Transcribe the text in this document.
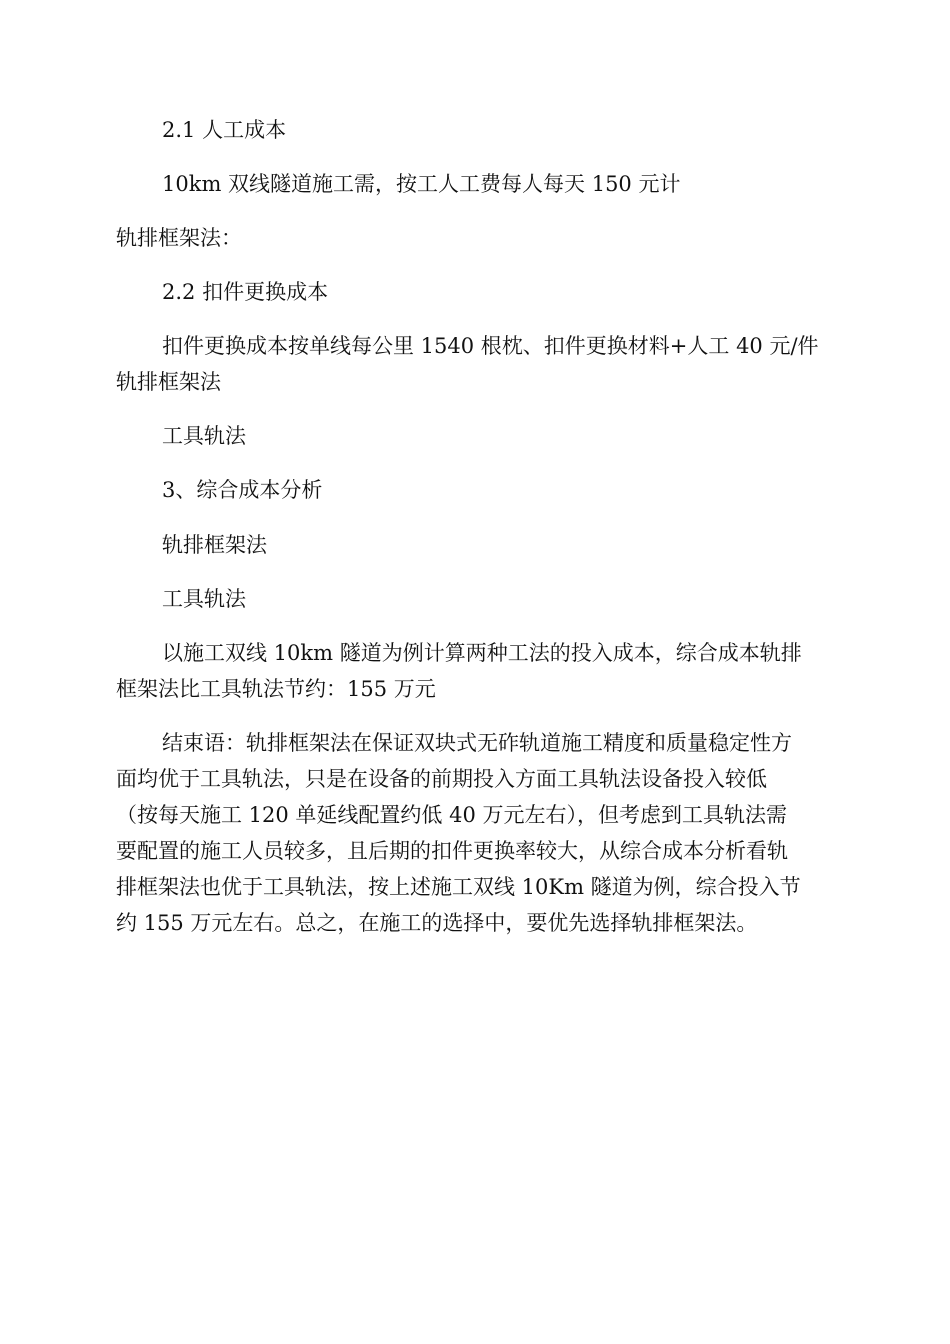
2.1 人工成本

10km 双线隧道施工需，按工人工费每人每天 150 元计

轨排框架法：

2.2 扣件更换成本

扣件更换成本按单线每公里 1540 根枕、扣件更换材料+人工 40 元/件

轨排框架法

工具轨法

3、综合成本分析

轨排框架法

工具轨法

以施工双线 10km 隧道为例计算两种工法的投入成本，综合成本轨排

框架法比工具轨法节约：155 万元

结束语：轨排框架法在保证双块式无砟轨道施工精度和质量稳定性方
面均优于工具轨法，只是在设备的前期投入方面工具轨法设备投入较低
（按每天施工 120 单延线配置约低 40 万元左右），但考虑到工具轨法需
要配置的施工人员较多，且后期的扣件更换率较大，从综合成本分析看轨
排框架法也优于工具轨法，按上述施工双线 10Km 隧道为例，综合投入节
约 155 万元左右。总之，在施工的选择中，要优先选择轨排框架法。
